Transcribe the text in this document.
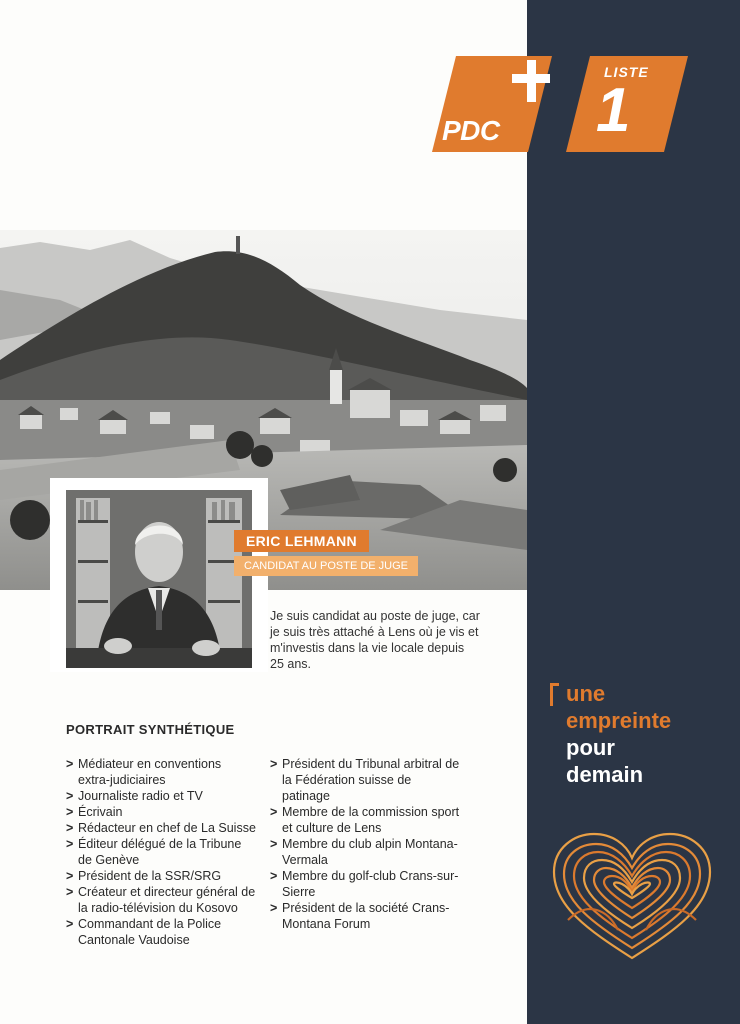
PDC
LISTE
1
ERIC LEHMANN
CANDIDAT AU POSTE DE JUGE
Je suis candidat au poste de juge, car je suis très attaché à Lens où je vis et m'investis dans la vie locale depuis 25 ans.
PORTRAIT SYNTHÉTIQUE
> Médiateur en conventions extra-judiciaires
> Journaliste radio et TV
> Écrivain
> Rédacteur en chef de La Suisse
> Éditeur délégué de la Tribune de Genève
> Président de la SSR/SRG
> Créateur et directeur général de la radio-télévision du Kosovo
> Commandant de la Police Cantonale Vaudoise
> Président du Tribunal arbitral de la Fédération suisse de patinage
> Membre de la commission sport et culture de Lens
> Membre du club alpin Montana-Vermala
> Membre du golf-club Crans-sur-Sierre
> Président de la société Crans-Montana Forum
une
empreinte
pour
demain
